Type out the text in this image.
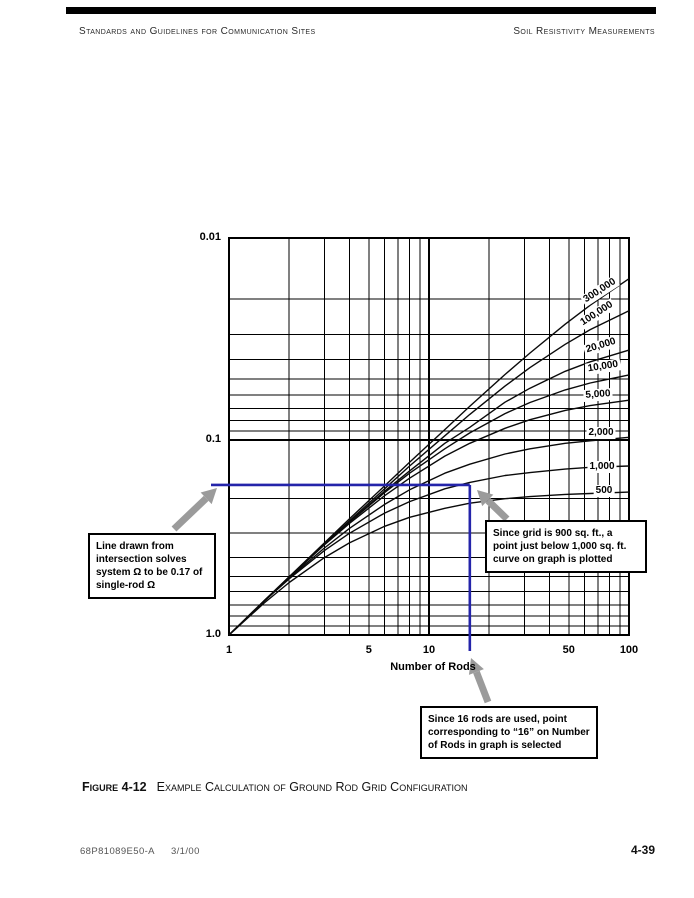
Standards and Guidelines for Communication Sites	Soil Resistivity Measurements
0.01
0.1
1.0
1	5	10	50	100
Number of Rods
300,000
100,000
20,000
10,000
5,000
2,000
1,000
500
Line drawn from intersection solves system Ω to be 0.17 of single-rod Ω
Since grid is 900 sq. ft., a point just below 1,000 sq. ft. curve on graph is plotted
Since 16 rods are used, point corresponding to “16” on Number of Rods in graph is selected
Figure 4-12 Example Calculation of Ground Rod Grid Configuration
68P81089E50-A 3/1/00	4-39
